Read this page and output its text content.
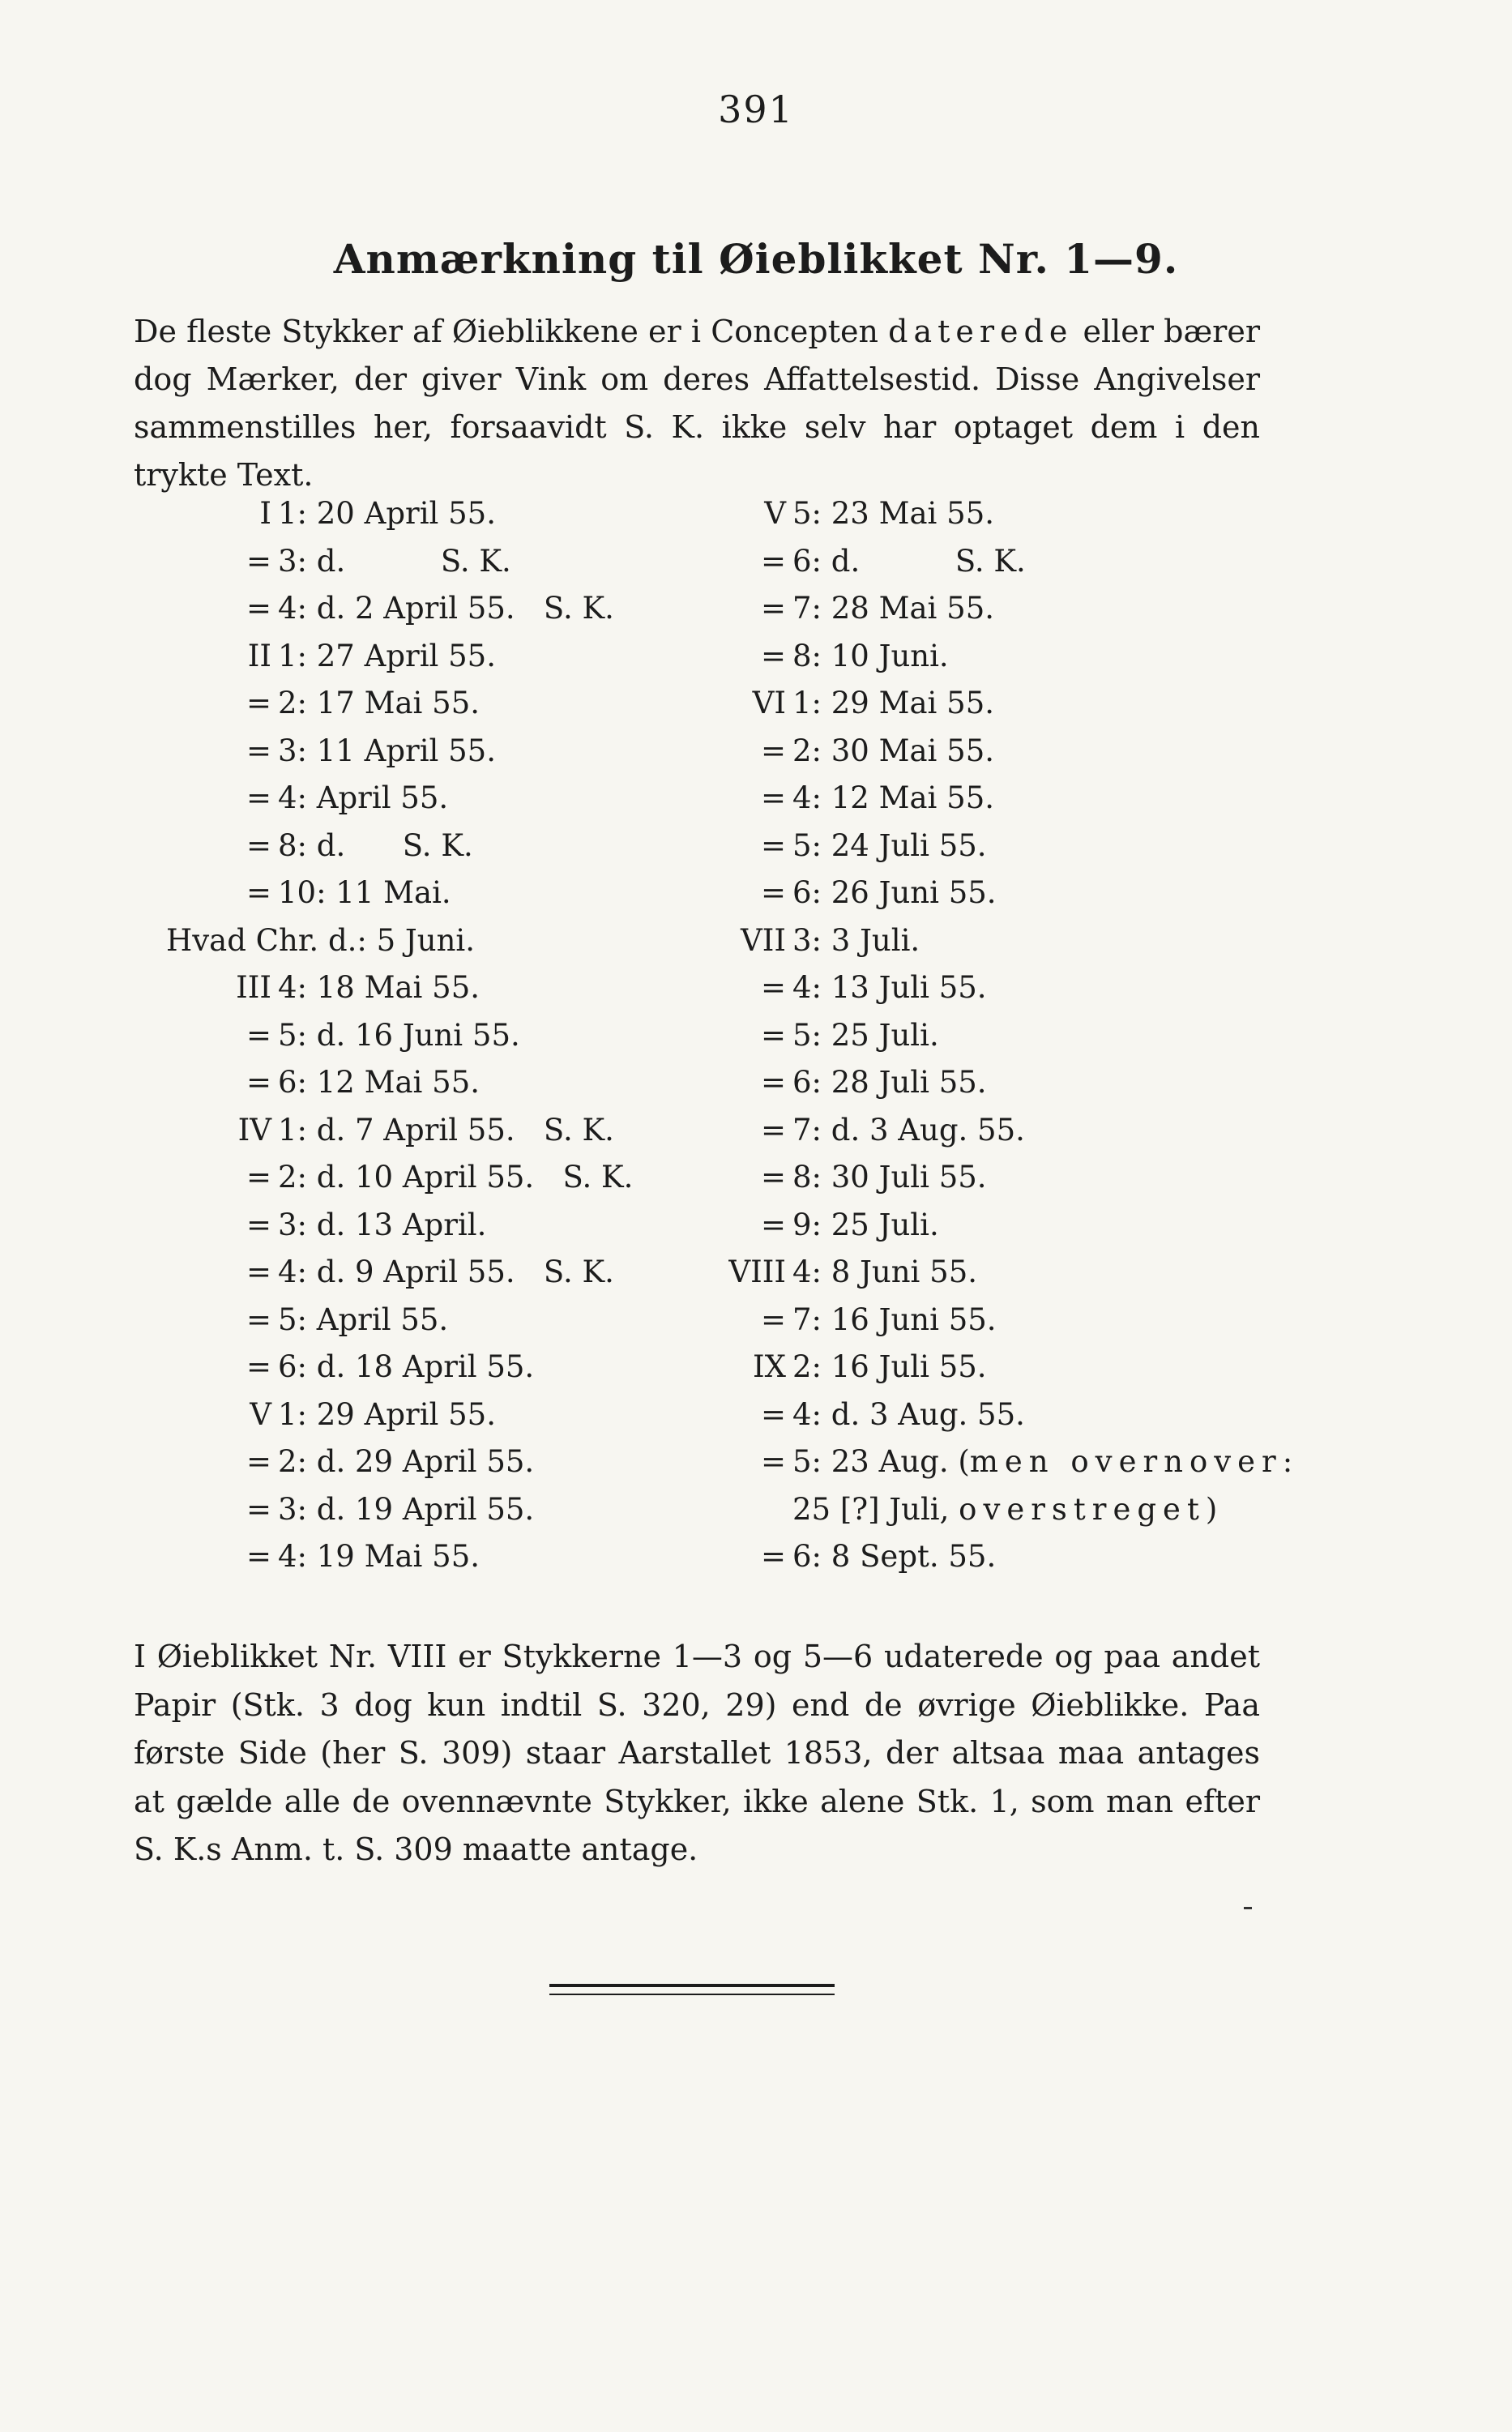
391
Anmærkning til Øieblikket Nr. 1—9.
De fleste Stykker af Øieblikkene er i Concepten daterede eller bærer dog Mærker, der giver Vink om deres Affattelsestid. Disse Angivelser sammenstilles her, forsaavidt S. K. ikke selv har optaget dem i den trykte Text.
I 1: 20 April 55.
= 3: d.          S. K.
= 4: d. 2 April 55.   S. K.
II 1: 27 April 55.
= 2: 17 Mai 55.
= 3: 11 April 55.
= 4: April 55.
= 8: d.      S. K.
= 10: 11 Mai.
Hvad Chr. d.: 5 Juni.
III 4: 18 Mai 55.
= 5: d. 16 Juni 55.
= 6: 12 Mai 55.
IV 1: d. 7 April 55.   S. K.
= 2: d. 10 April 55.   S. K.
= 3: d. 13 April.
= 4: d. 9 April 55.   S. K.
= 5: April 55.
= 6: d. 18 April 55.
V 1: 29 April 55.
= 2: d. 29 April 55.
= 3: d. 19 April 55.
= 4: 19 Mai 55.
V 5: 23 Mai 55.
= 6: d.          S. K.
= 7: 28 Mai 55.
= 8: 10 Juni.
VI 1: 29 Mai 55.
= 2: 30 Mai 55.
= 4: 12 Mai 55.
= 5: 24 Juli 55.
= 6: 26 Juni 55.
VII 3: 3 Juli.
= 4: 13 Juli 55.
= 5: 25 Juli.
= 6: 28 Juli 55.
= 7: d. 3 Aug. 55.
= 8: 30 Juli 55.
= 9: 25 Juli.
VIII 4: 8 Juni 55.
= 7: 16 Juni 55.
IX 2: 16 Juli 55.
= 4: d. 3 Aug. 55.
= 5: 23 Aug. (men overnover:
25 [?] Juli, overstreget)
= 6: 8 Sept. 55.
I Øieblikket Nr. VIII er Stykkerne 1—3 og 5—6 udaterede og paa andet Papir (Stk. 3 dog kun indtil S. 320, 29) end de øvrige Øieblikke. Paa første Side (her S. 309) staar Aarstallet 1853, der altsaa maa antages at gælde alle de ovennævnte Stykker, ikke alene Stk. 1, som man efter S. K.s Anm. t. S. 309 maatte antage.
